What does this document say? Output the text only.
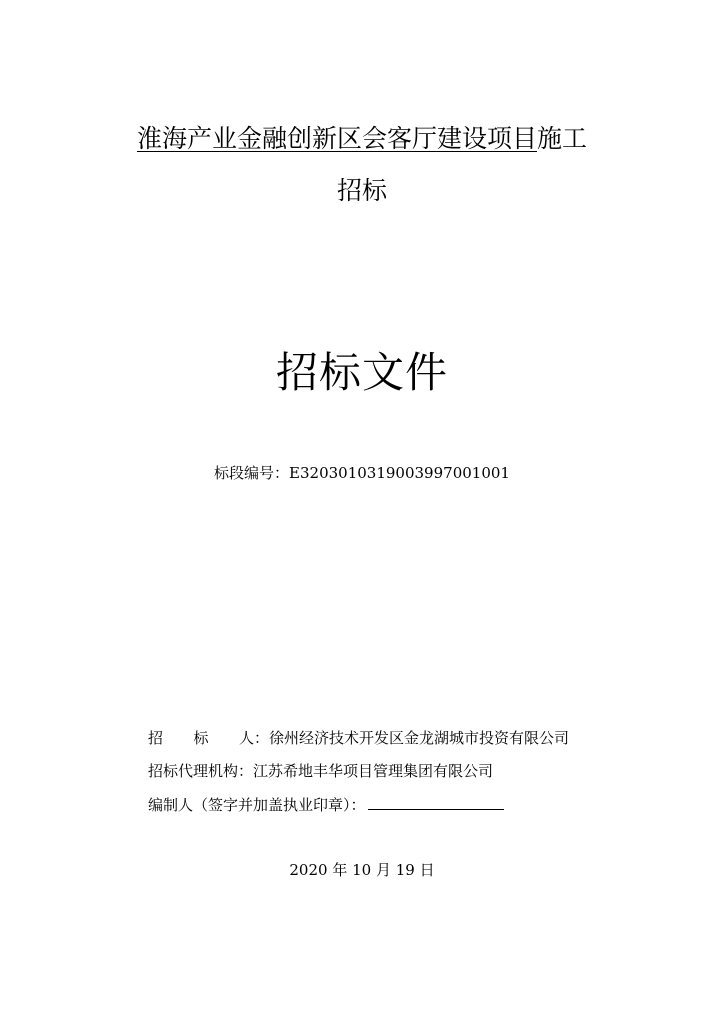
淮海产业金融创新区会客厅建设项目施工
招标
招标文件
标段编号：E3203010319003997001001
招 标 人 ： 徐州经济技术开发区金龙湖城市投资有限公司
招标代理机构： 江苏希地丰华项目管理集团有限公司
编制人（签字并加盖执业印章）：
2020 年 10 月 19 日
